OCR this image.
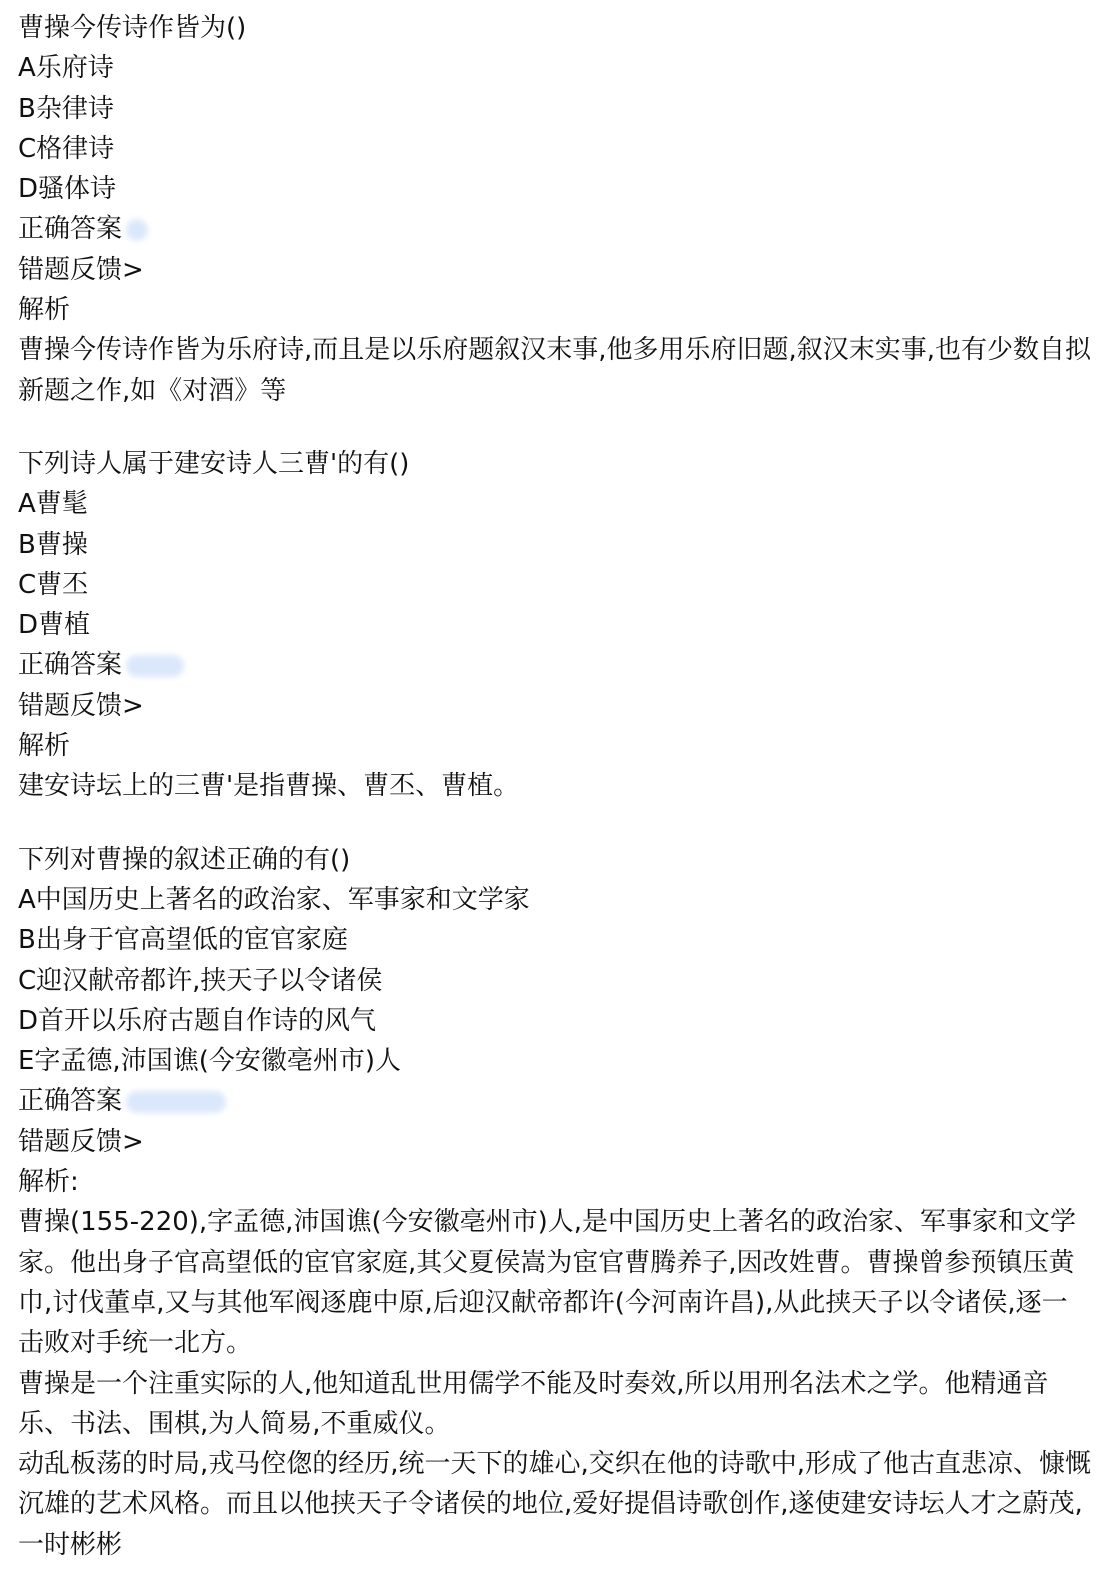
曹操今传诗作皆为()
A乐府诗
B杂律诗
C格律诗
D骚体诗
正确答案
错题反馈>
解析
曹操今传诗作皆为乐府诗,而且是以乐府题叙汉末事,他多用乐府旧题,叙汉末实事,也有少数自拟新题之作,如《对酒》等
下列诗人属于建安诗人三曹'的有()
A曹髦
B曹操
C曹丕
D曹植
正确答案
错题反馈>
解析
建安诗坛上的三曹'是指曹操、曹丕、曹植。
下列对曹操的叙述正确的有()
A中国历史上著名的政治家、军事家和文学家
B出身于官高望低的宦官家庭
C迎汉献帝都许,挟天子以令诸侯
D首开以乐府古题自作诗的风气
E字孟德,沛国谯(今安徽亳州市)人
正确答案
错题反馈>
解析:
曹操(155-220),字孟德,沛国谯(今安徽亳州市)人,是中国历史上著名的政治家、军事家和文学家。他出身子官高望低的宦官家庭,其父夏侯嵩为宦官曹腾养子,因改姓曹。曹操曾参预镇压黄巾,讨伐董卓,又与其他军阀逐鹿中原,后迎汉献帝都许(今河南许昌),从此挟天子以令诸侯,逐一击败对手统一北方。
曹操是一个注重实际的人,他知道乱世用儒学不能及时奏效,所以用刑名法术之学。他精通音乐、书法、围棋,为人简易,不重威仪。
动乱板荡的时局,戎马倥偬的经历,统一天下的雄心,交织在他的诗歌中,形成了他古直悲凉、慷慨沉雄的艺术风格。而且以他挟天子令诸侯的地位,爱好提倡诗歌创作,遂使建安诗坛人才之蔚茂,一时彬彬
